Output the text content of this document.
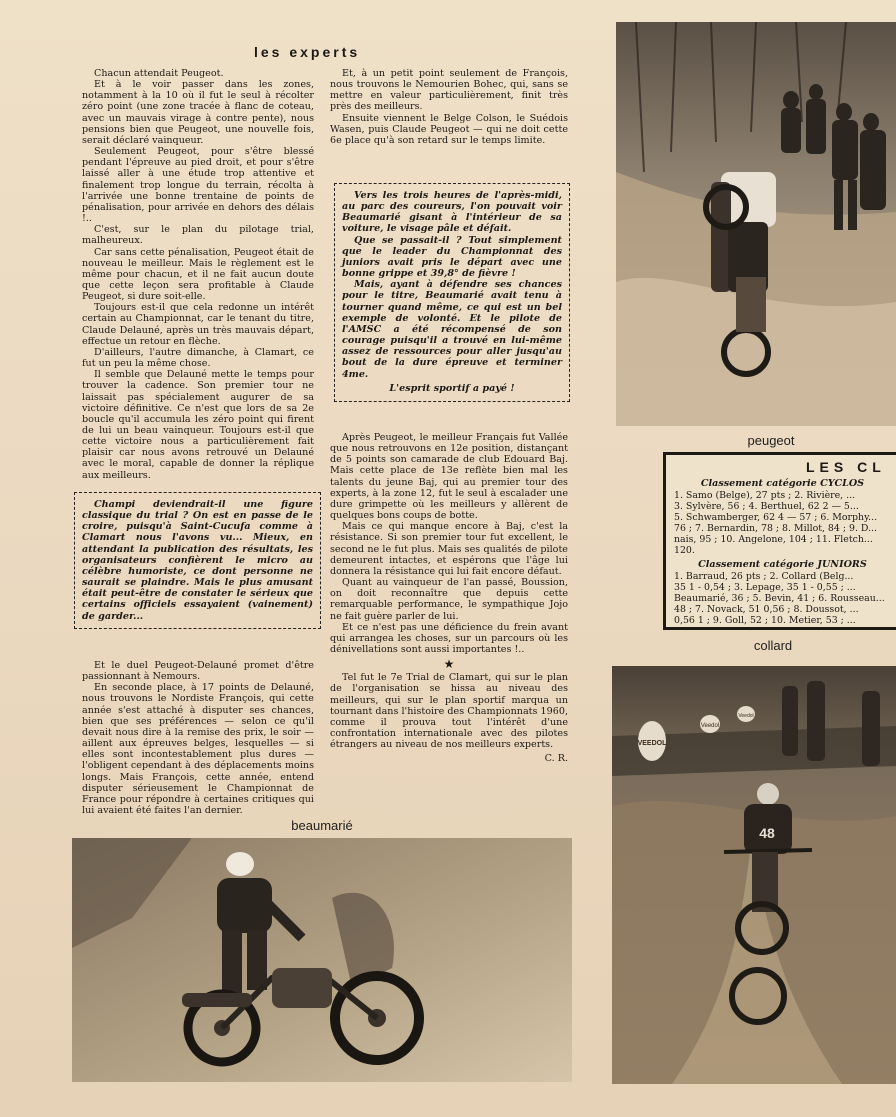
les experts

Chacun attendait Peugeot.

Et à le voir passer dans les zones, notamment à la 10 où il fut le seul à récolter zéro point (une zone tracée à flanc de coteau, avec un mauvais virage à contre pente), nous pensions bien que Peugeot, une nouvelle fois, serait déclaré vainqueur.

Seulement Peugeot, pour s'être blessé pendant l'épreuve au pied droit, et pour s'être laissé aller à une étude trop attentive et finalement trop longue du terrain, récolta à l'arrivée une bonne trentaine de points de pénalisation, pour arrivée en dehors des délais !..

C'est, sur le plan du pilotage trial, malheureux.

Car sans cette pénalisation, Peugeot était de nouveau le meilleur. Mais le règlement est le même pour chacun, et il ne fait aucun doute que cette leçon sera profitable à Claude Peugeot, si dure soit-elle.

Toujours est-il que cela redonne un intérêt certain au Championnat, car le tenant du titre, Claude Delauné, après un très mauvais départ, effectue un retour en flèche.

D'ailleurs, l'autre dimanche, à Clamart, ce fut un peu la même chose.

Il semble que Delauné mette le temps pour trouver la cadence. Son premier tour ne laissait pas spécialement augurer de sa victoire définitive. Ce n'est que lors de sa 2e boucle qu'il accumula les zéro point qui firent de lui un beau vainqueur. Toujours est-il que cette victoire nous a particulièrement fait plaisir car nous avons retrouvé un Delauné avec le moral, capable de donner la réplique aux meilleurs.

Champi deviendrait-il une figure classique du trial ? On est en passe de le croire, puisqu'à Saint-Cucufa comme à Clamart nous l'avons vu... Mieux, en attendant la publication des résultats, les organisateurs confièrent le micro au célèbre humoriste, ce dont personne ne saurait se plaindre. Mais le plus amusant était peut-être de constater le sérieux que certains officiels essayaient (vainement) de garder...

Et le duel Peugeot-Delauné promet d'être passionnant à Nemours.

En seconde place, à 17 points de Delauné, nous trouvons le Nordiste François, qui cette année s'est attaché à disputer ses chances, bien que ses préférences — selon ce qu'il devait nous dire à la remise des prix, le soir — aillent aux épreuves belges, lesquelles — si elles sont incontestablement plus dures — l'obligent cependant à des déplacements moins longs. Mais François, cette année, entend disputer sérieusement le Championnat de France pour répondre à certaines critiques qui lui avaient été faites l'an dernier.

Et, à un petit point seulement de François, nous trouvons le Nemourien Bohec, qui, sans se mettre en valeur particulièrement, finit très près des meilleurs.

Ensuite viennent le Belge Colson, le Suédois Wasen, puis Claude Peugeot — qui ne doit cette 6e place qu'à son retard sur le temps limite.

Vers les trois heures de l'après-midi, au parc des coureurs, l'on pouvait voir Beaumarié gisant à l'intérieur de sa voiture, le visage pâle et défait.

Que se passait-il ? Tout simplement que le leader du Championnat des juniors avait pris le départ avec une bonne grippe et 39,8° de fièvre !

Mais, ayant à défendre ses chances pour le titre, Beaumarié avait tenu à tourner quand même, ce qui est un bel exemple de volonté. Et le pilote de l'AMSC a été récompensé de son courage puisqu'il a trouvé en lui-même assez de ressources pour aller jusqu'au bout de la dure épreuve et terminer 4me.

L'esprit sportif a payé !

Après Peugeot, le meilleur Français fut Vallée que nous retrouvons en 12e position, distançant de 5 points son camarade de club Edouard Baj. Mais cette place de 13e reflète bien mal les talents du jeune Baj, qui au premier tour des experts, à la zone 12, fut le seul à escalader une dure grimpette où les meilleurs y allèrent de quelques bons coups de botte.

Mais ce qui manque encore à Baj, c'est la résistance. Si son premier tour fut excellent, le second ne le fut plus. Mais ses qualités de pilote demeurent intactes, et espérons que l'âge lui donnera la résistance qui lui fait encore défaut.

Quant au vainqueur de l'an passé, Boussion, on doit reconnaître que depuis cette remarquable performance, le sympathique Jojo ne fait guère parler de lui.

Et ce n'est pas une déficience du frein avant qui arrangea les choses, sur un parcours où les dénivellations sont aussi importantes !..

★

Tel fut le 7e Trial de Clamart, qui sur le plan de l'organisation se hissa au niveau des meilleurs, qui sur le plan sportif marqua un tournant dans l'histoire des Championnats 1960, comme il prouva tout l'intérêt d'une confrontation internationale avec des pilotes étrangers au niveau de nos meilleurs experts.

C. R.
peugeot
LES CL
Classement catégorie CYCLOS
1. Samo (Belge), 27 pts ; 2. Rivière, ...
3. Sylvère, 56 ; 4. Berthuel, 62 2 — 5...
5. Schwamberger, 62 4 — 57 ; 6. Morphy...
76 ; 7. Bernardin, 78 ; 8. Millot, 84 ; 9. D...
nais, 95 ; 10. Angelone, 104 ; 11. Fletch...
120.
Classement catégorie JUNIORS
1. Barraud, 26 pts ; 2. Collard (Belg...
35 1 - 0,54 ; 3. Lepage, 35 1 - 0,55 ; ...
Beaumarié, 36 ; 5. Bevin, 41 ; 6. Rousseau...
48 ; 7. Novack, 51 0,56 ; 8. Doussot, ...
0,56 1 ; 9. Goll, 52 ; 10. Metier, 53 ; ...
collard
VEEDOL
Veedol
Veedol
48
beaumarié
